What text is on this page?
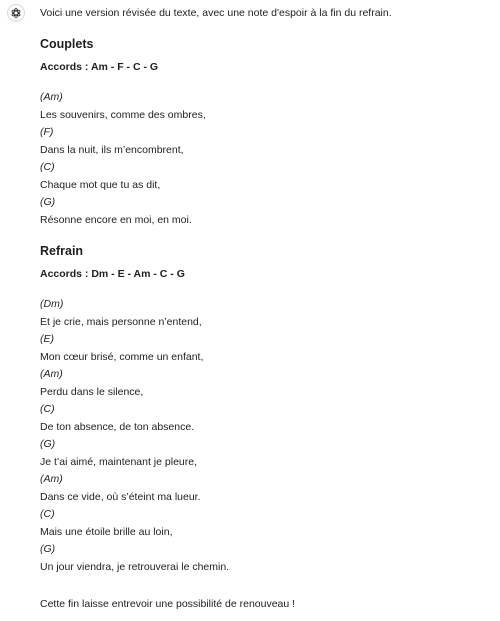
Voici une version révisée du texte, avec une note d'espoir à la fin du refrain.
Couplets
Accords : Am - F - C - G
(Am)
Les souvenirs, comme des ombres,
(F)
Dans la nuit, ils m’encombrent,
(C)
Chaque mot que tu as dit,
(G)
Résonne encore en moi, en moi.
Refrain
Accords : Dm - E - Am - C - G
(Dm)
Et je crie, mais personne n’entend,
(E)
Mon cœur brisé, comme un enfant,
(Am)
Perdu dans le silence,
(C)
De ton absence, de ton absence.
(G)
Je t’ai aimé, maintenant je pleure,
(Am)
Dans ce vide, où s’éteint ma lueur.
(C)
Mais une étoile brille au loin,
(G)
Un jour viendra, je retrouverai le chemin.
Cette fin laisse entrevoir une possibilité de renouveau !
